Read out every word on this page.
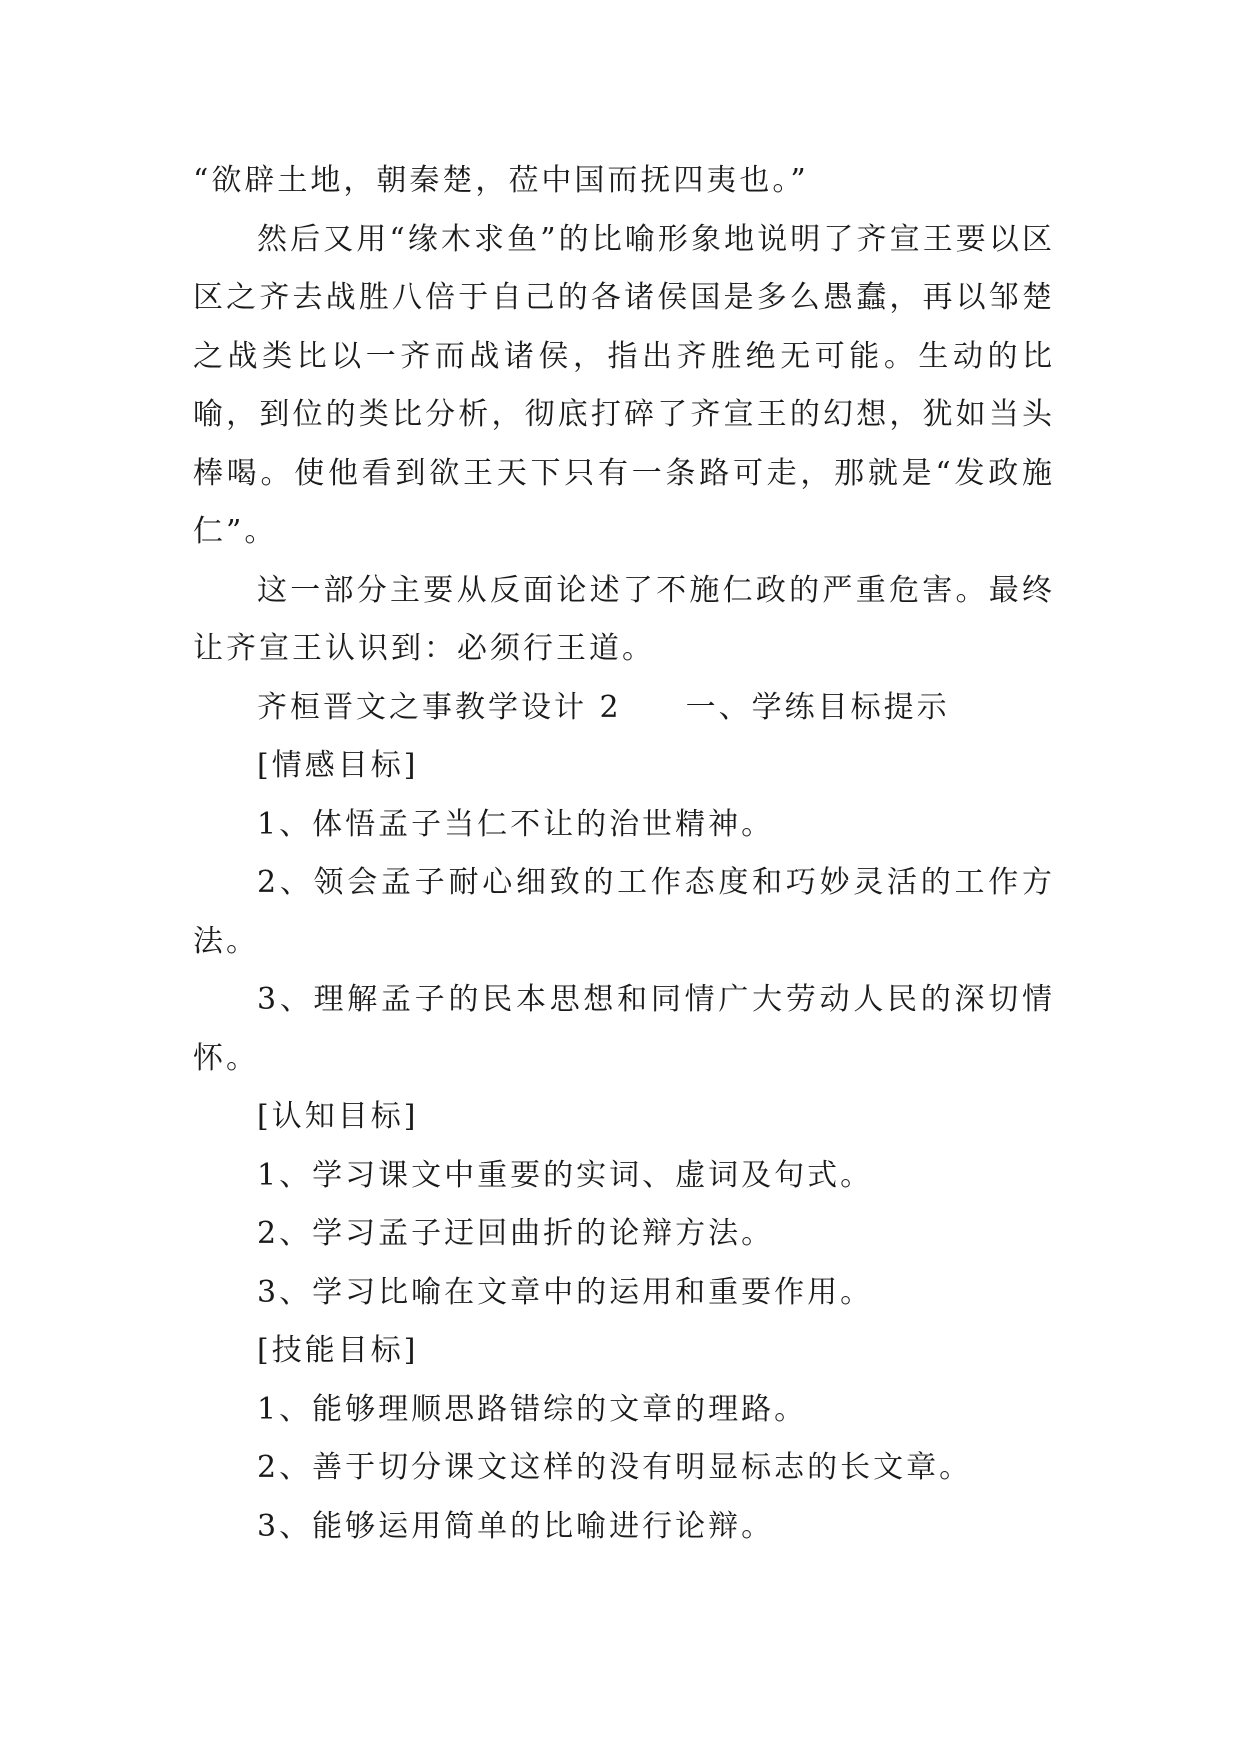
“欲辟土地，朝秦楚，莅中国而抚四夷也。”

然后又用“缘木求鱼”的比喻形象地说明了齐宣王要以区区之齐去战胜八倍于自己的各诸侯国是多么愚蠢，再以邹楚之战类比以一齐而战诸侯，指出齐胜绝无可能。生动的比喻，到位的类比分析，彻底打碎了齐宣王的幻想，犹如当头棒喝。使他看到欲王天下只有一条路可走，那就是“发政施仁”。

这一部分主要从反面论述了不施仁政的严重危害。最终让齐宣王认识到：必须行王道。

齐桓晋文之事教学设计 2 一、学练目标提示

[情感目标]

1、体悟孟子当仁不让的治世精神。

2、领会孟子耐心细致的工作态度和巧妙灵活的工作方法。

3、理解孟子的民本思想和同情广大劳动人民的深切情怀。

[认知目标]

1、学习课文中重要的实词、虚词及句式。

2、学习孟子迂回曲折的论辩方法。

3、学习比喻在文章中的运用和重要作用。

[技能目标]

1、能够理顺思路错综的文章的理路。

2、善于切分课文这样的没有明显标志的长文章。

3、能够运用简单的比喻进行论辩。
